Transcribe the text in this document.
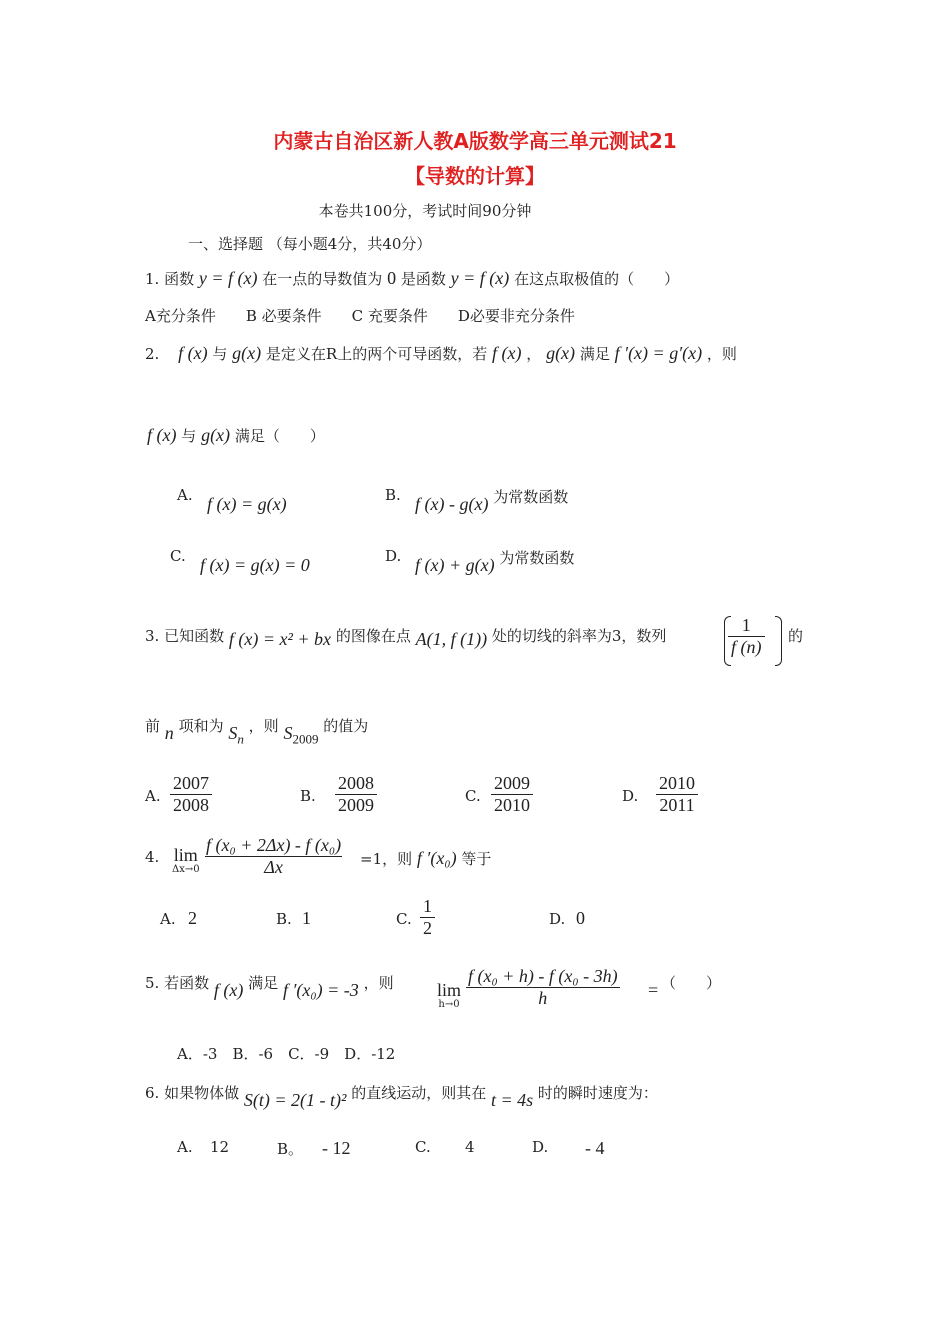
内蒙古自治区新人教A版数学高三单元测试21
【导数的计算】
本卷共100分，考试时间90分钟
一、选择题 （每小题4分，共40分）
1. 函数 y = f (x) 在一点的导数值为 0 是函数 y = f (x) 在这点取极值的（　　）
A充分条件　　B 必要条件　　C 充要条件　　D必要非充分条件
2. f (x) 与 g(x) 是定义在R上的两个可导函数，若 f (x) ， g(x) 满足 f ′(x) = g′(x) ，则
f (x) 与 g(x) 满足（　　）
A. f (x) = g(x)	B. f (x) - g(x) 为常数函数
C. f (x) = g(x) = 0	D. f (x) + g(x) 为常数函数
3. 已知函数 f (x) = x² + bx 的图像在点 A(1, f (1)) 处的切线的斜率为3，数列	$\frac{1}{f (n)}$ 的
前 n 项和为 $S_n$ ，则 $S_{2009}$ 的值为
A. $\frac{2007}{2008}$	B. $\frac{2008}{2009}$	C. $\frac{2009}{2010}$	D. $\frac{2010}{2011}$
4. lim
$\Delta x\to 0 \frac{\text{f (x₀ + 2Δx) - f (x₀)}}{\Delta x} =1$，则 f ′(x₀) 等于
A. 2	B. 1	C. $\frac{1}{2}$	D. 0
5. 若函数 f (x) 满足 f ′(x₀) = -3 ，则 lim
$h\to 0 \frac{\text{f (x₀ + h) - f (x₀ - 3h)}}{h}$ = （　　）
A．-3　B．-6　C．-9　D．-12
6. 如果物体做 S(t) = 2(1 - t)² 的直线运动，则其在 t = 4s 时的瞬时速度为：
A. 12	B。 - 12	C. 4	D. - 4
